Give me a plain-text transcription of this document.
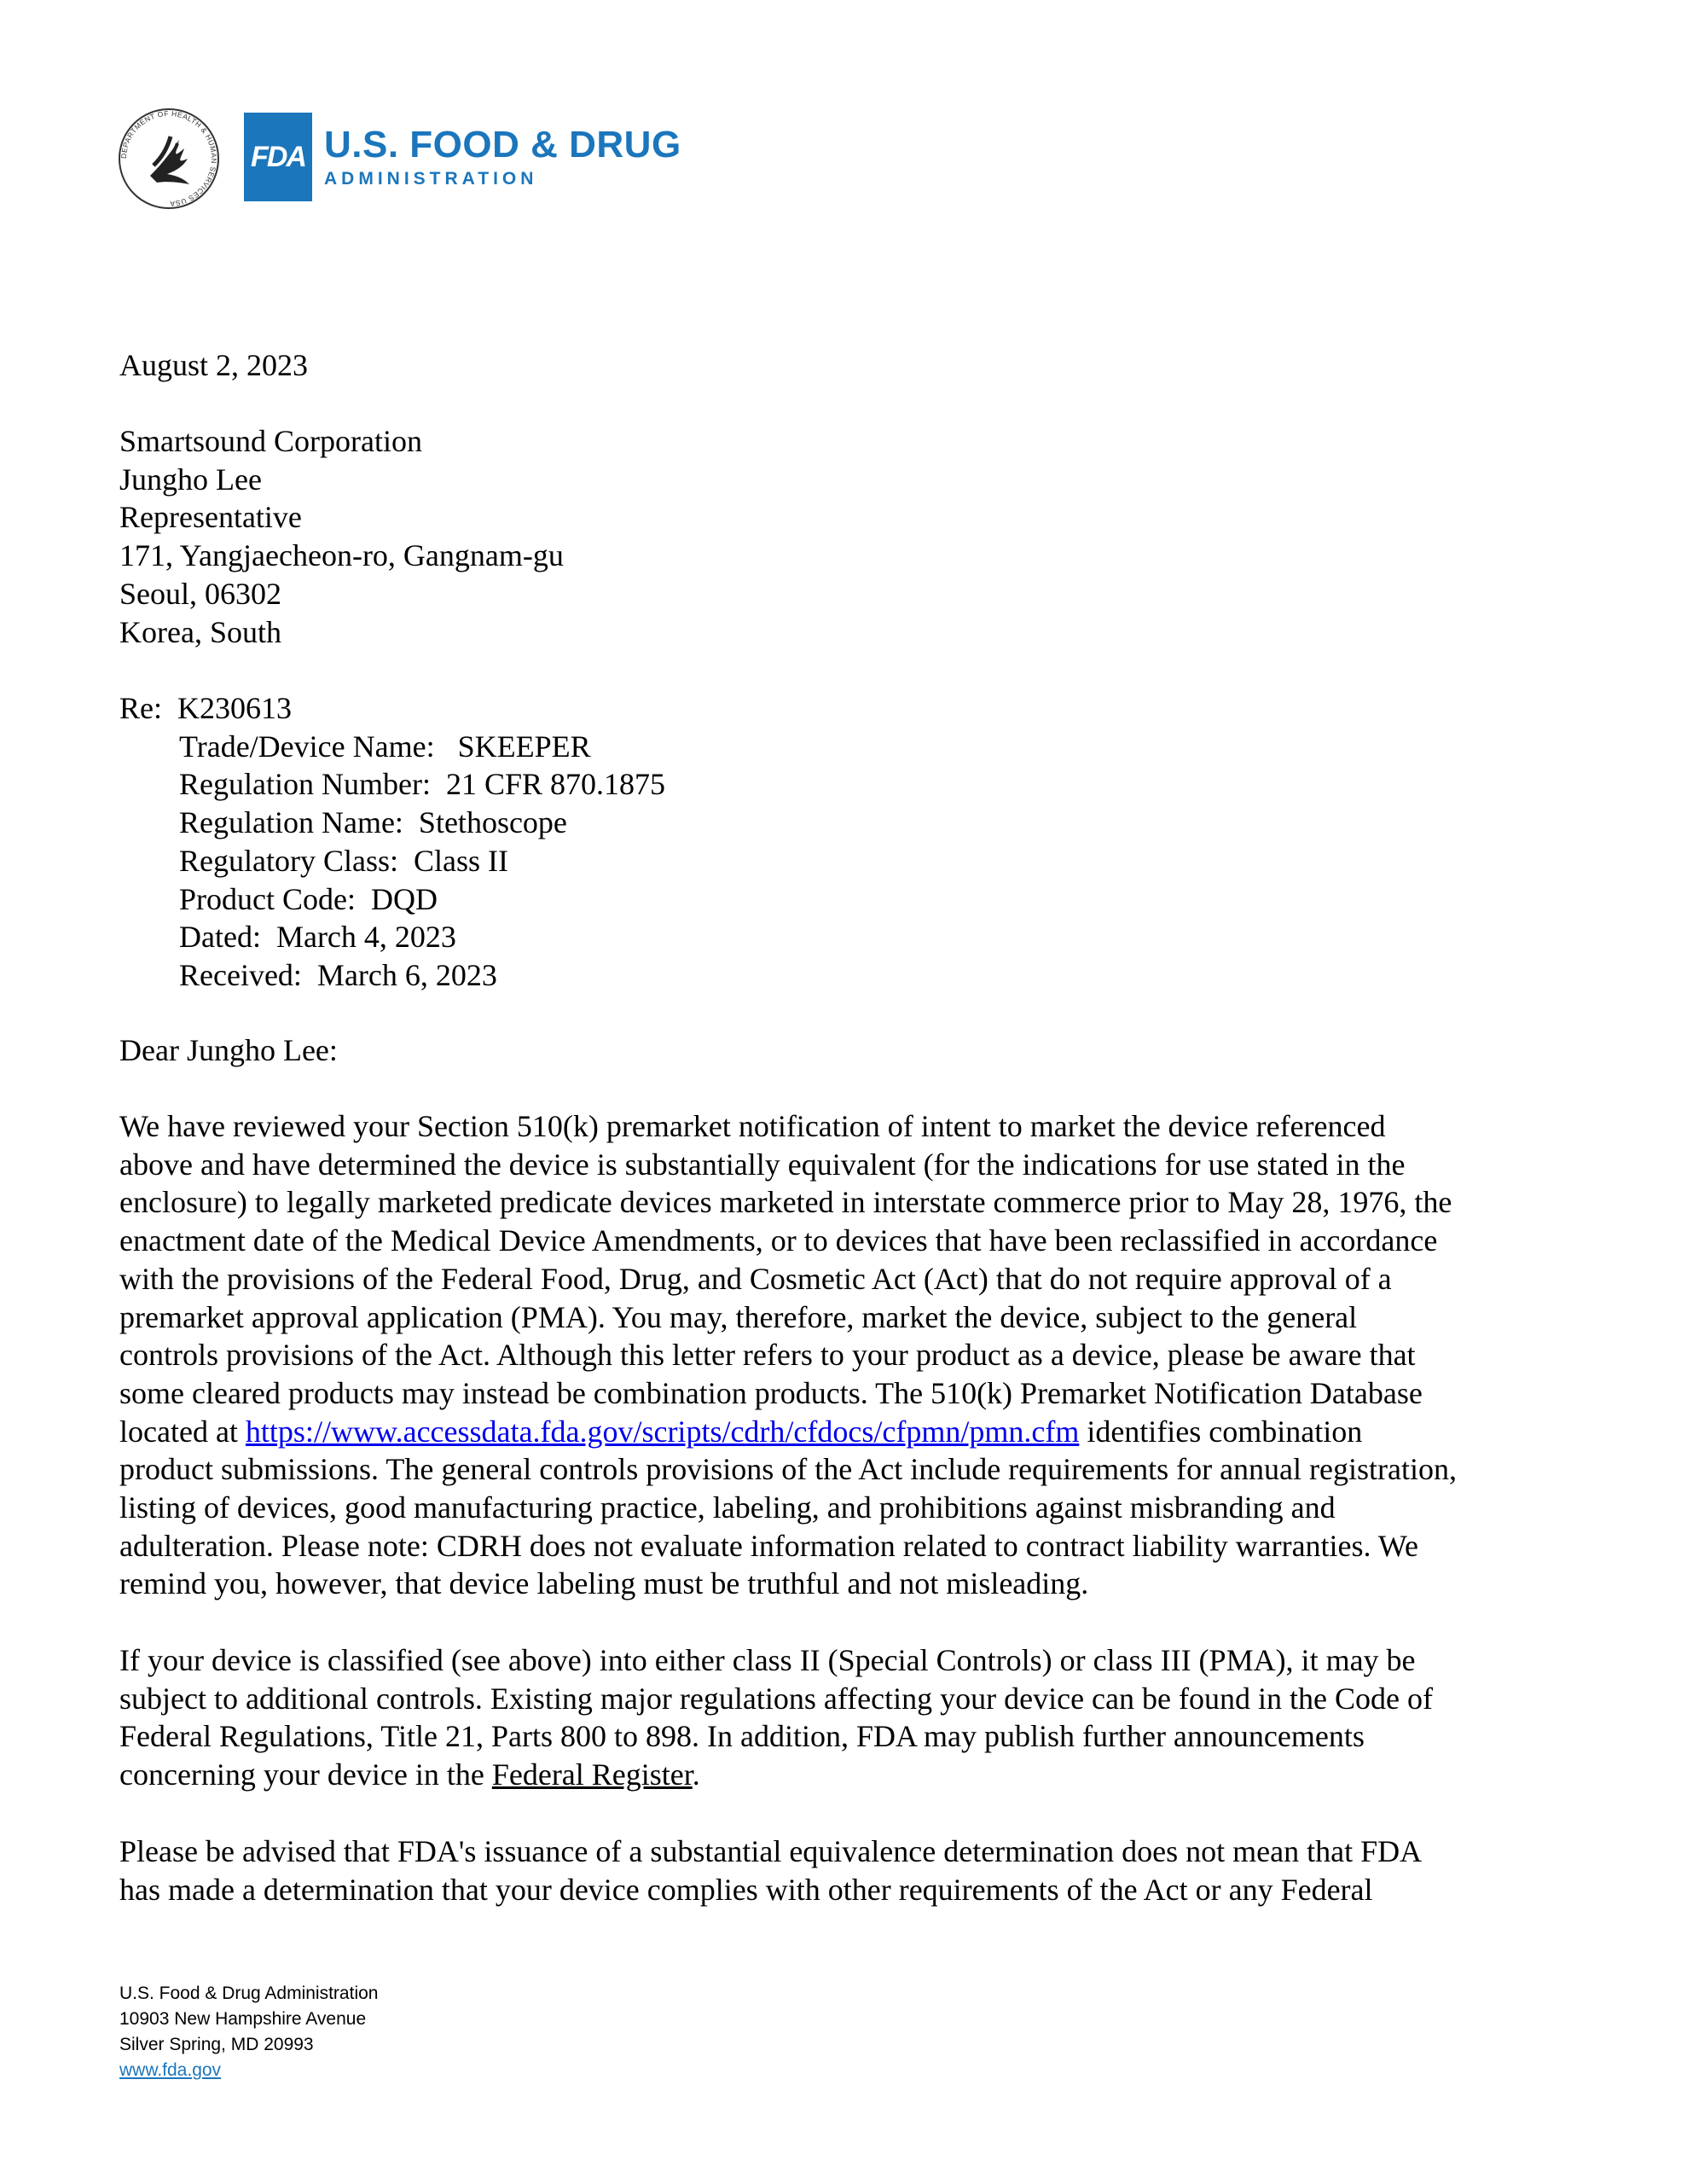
DEPARTMENT OF HEALTH & HUMAN SERVICES USA
FDA U.S. FOOD & DRUG
ADMINISTRATION
August 2, 2023
Smartsound Corporation
Jungho Lee
Representative
171, Yangjaecheon-ro, Gangnam-gu
Seoul, 06302
Korea, South
Re:  K230613
Trade/Device Name:   SKEEPER
Regulation Number:  21 CFR 870.1875
Regulation Name:  Stethoscope
Regulatory Class:  Class II
Product Code:  DQD
Dated:  March 4, 2023
Received:  March 6, 2023
Dear Jungho Lee:
We have reviewed your Section 510(k) premarket notification of intent to market the device referenced
above and have determined the device is substantially equivalent (for the indications for use stated in the
enclosure) to legally marketed predicate devices marketed in interstate commerce prior to May 28, 1976, the
enactment date of the Medical Device Amendments, or to devices that have been reclassified in accordance
with the provisions of the Federal Food, Drug, and Cosmetic Act (Act) that do not require approval of a
premarket approval application (PMA). You may, therefore, market the device, subject to the general
controls provisions of the Act. Although this letter refers to your product as a device, please be aware that
some cleared products may instead be combination products. The 510(k) Premarket Notification Database
located at https://www.accessdata.fda.gov/scripts/cdrh/cfdocs/cfpmn/pmn.cfm identifies combination
product submissions. The general controls provisions of the Act include requirements for annual registration,
listing of devices, good manufacturing practice, labeling, and prohibitions against misbranding and
adulteration. Please note: CDRH does not evaluate information related to contract liability warranties. We
remind you, however, that device labeling must be truthful and not misleading.
If your device is classified (see above) into either class II (Special Controls) or class III (PMA), it may be
subject to additional controls. Existing major regulations affecting your device can be found in the Code of
Federal Regulations, Title 21, Parts 800 to 898. In addition, FDA may publish further announcements
concerning your device in the Federal Register.
Please be advised that FDA's issuance of a substantial equivalence determination does not mean that FDA
has made a determination that your device complies with other requirements of the Act or any Federal
U.S. Food & Drug Administration
10903 New Hampshire Avenue
Silver Spring, MD 20993
www.fda.gov
